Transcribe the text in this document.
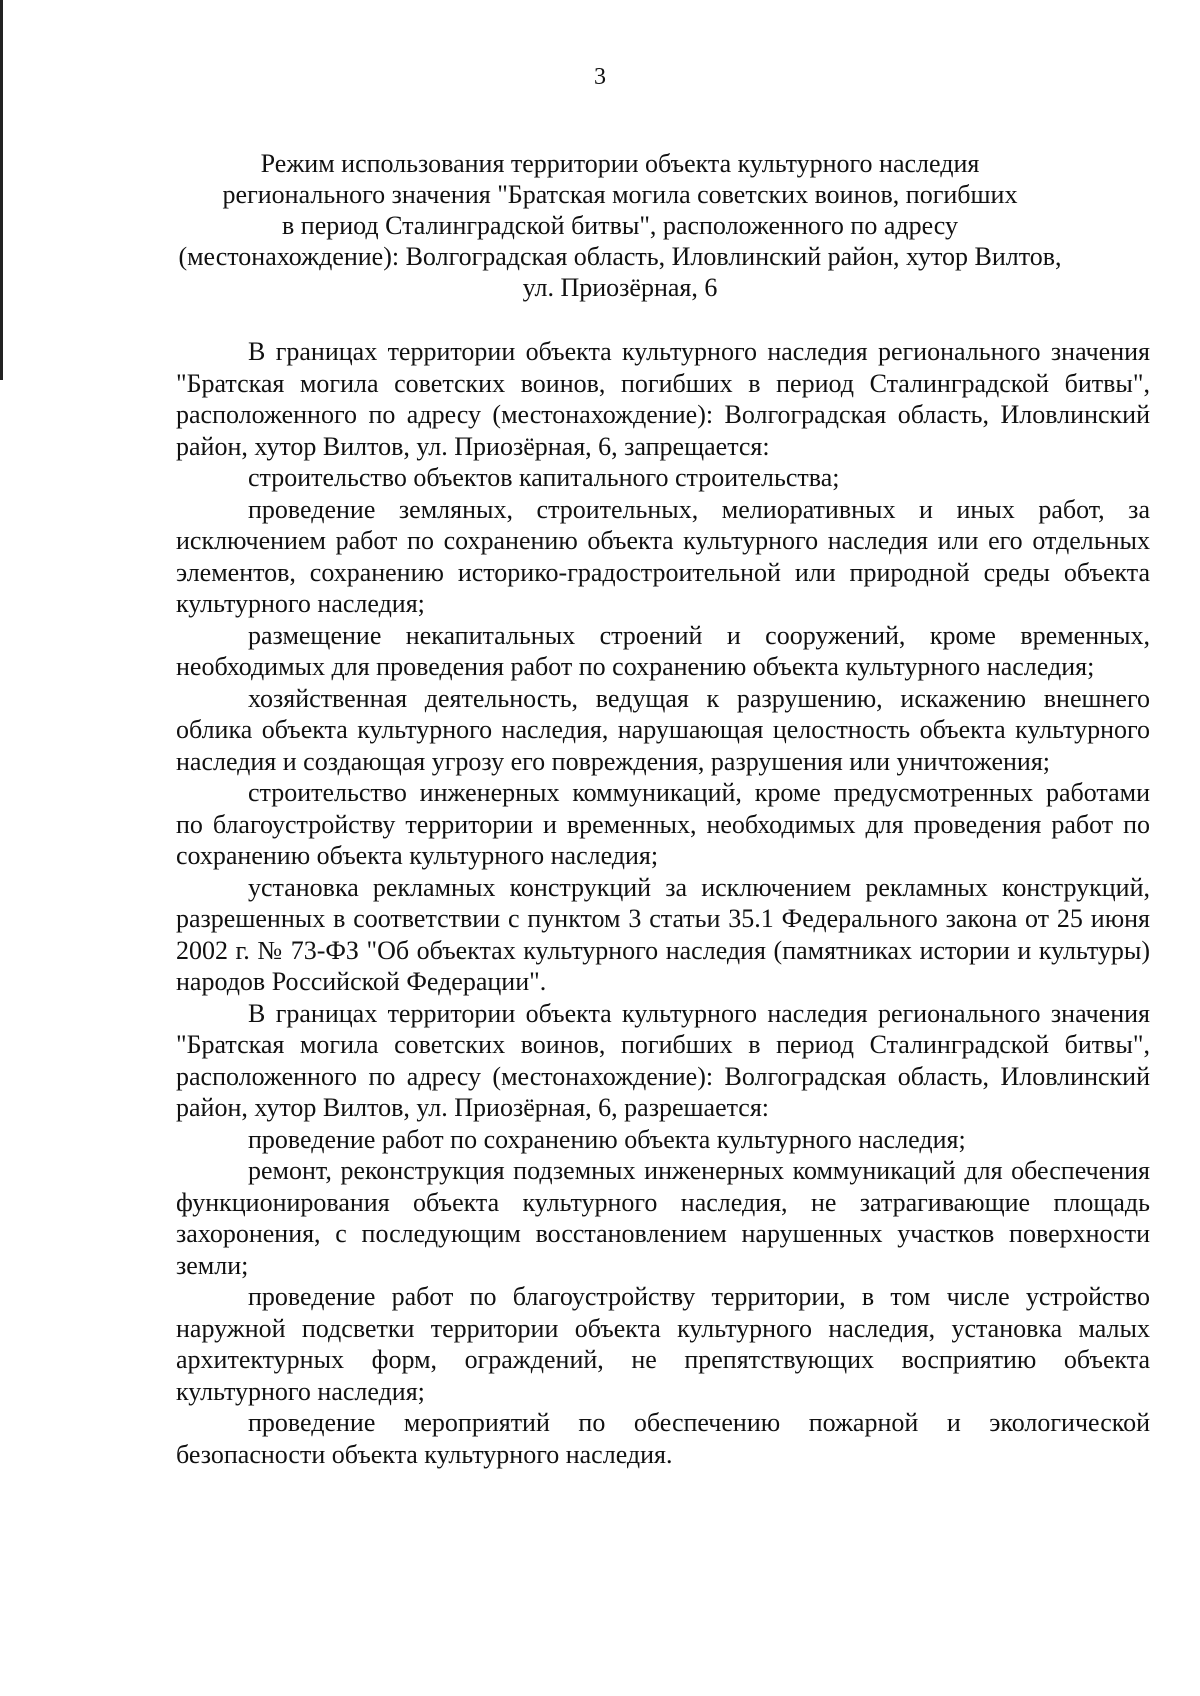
3
Режим использования территории объекта культурного наследия
регионального значения "Братская могила советских воинов, погибших
в период Сталинградской битвы", расположенного по адресу
(местонахождение): Волгоградская область, Иловлинский район, хутор Вилтов,
ул. Приозёрная, 6

В границах территории объекта культурного наследия регионального значения "Братская могила советских воинов, погибших в период Сталинградской битвы", расположенного по адресу (местонахождение): Волгоградская область, Иловлинский район, хутор Вилтов, ул. Приозёрная, 6, запрещается:

строительство объектов капитального строительства;

проведение земляных, строительных, мелиоративных и иных работ, за исключением работ по сохранению объекта культурного наследия или его отдельных элементов, сохранению историко-градостроительной или природной среды объекта культурного наследия;

размещение некапитальных строений и сооружений, кроме временных, необходимых для проведения работ по сохранению объекта культурного наследия;

хозяйственная деятельность, ведущая к разрушению, искажению внешнего облика объекта культурного наследия, нарушающая целостность объекта культурного наследия и создающая угрозу его повреждения, разрушения или уничтожения;

строительство инженерных коммуникаций, кроме предусмотренных работами по благоустройству территории и временных, необходимых для проведения работ по сохранению объекта культурного наследия;

установка рекламных конструкций за исключением рекламных конструкций, разрешенных в соответствии с пунктом 3 статьи 35.1 Федерального закона от 25 июня 2002 г. № 73-ФЗ "Об объектах культурного наследия (памятниках истории и культуры) народов Российской Федерации".

В границах территории объекта культурного наследия регионального значения "Братская могила советских воинов, погибших в период Сталинградской битвы", расположенного по адресу (местонахождение): Волгоградская область, Иловлинский район, хутор Вилтов, ул. Приозёрная, 6, разрешается:

проведение работ по сохранению объекта культурного наследия;

ремонт, реконструкция подземных инженерных коммуникаций для обеспечения функционирования объекта культурного наследия, не затрагивающие площадь захоронения, с последующим восстановлением нарушенных участков поверхности земли;

проведение работ по благоустройству территории, в том числе устройство наружной подсветки территории объекта культурного наследия, установка малых архитектурных форм, ограждений, не препятствующих восприятию объекта культурного наследия;

проведение мероприятий по обеспечению пожарной и экологической безопасности объекта культурного наследия.
